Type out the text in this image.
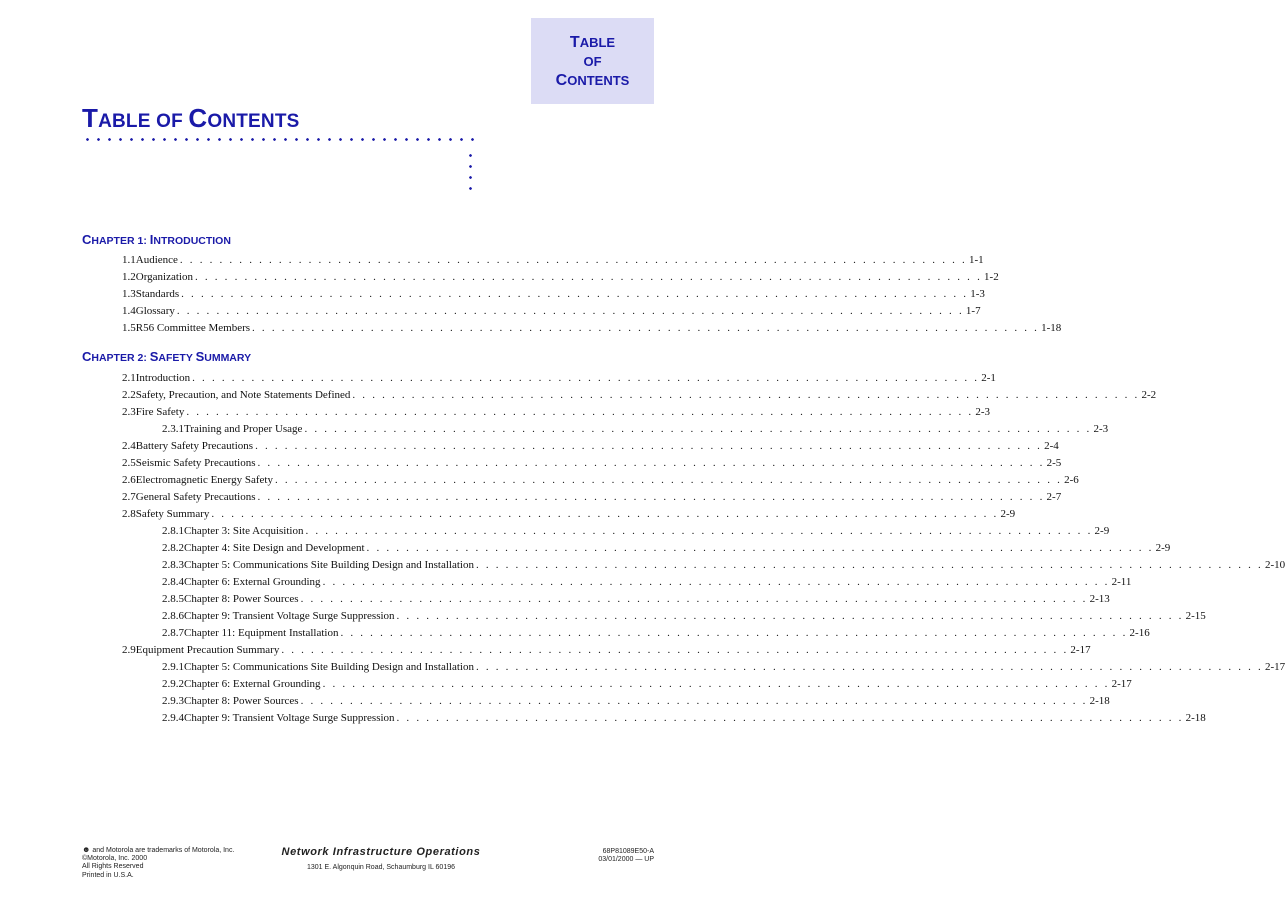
TABLE
OF
CONTENTS
TABLE OF CONTENTS
CHAPTER 1: INTRODUCTION
CHAPTER 2: SAFETY SUMMARY
1.1 Audience . . . . . . . . . . . . . . . . . . . . . . . . . . . . . . . . . . . . . . . . . . . . . . . . . . . . . . . . . . . . . . . . . . . . . . . . . . . . . . . . 1-1
1.2 Organization . . . . . . . . . . . . . . . . . . . . . . . . . . . . . . . . . . . . . . . . . . . . . . . . . . . . . . . . . . . . . . . . . . . . . . . . . . . . . . . . 1-2
1.3 Standards . . . . . . . . . . . . . . . . . . . . . . . . . . . . . . . . . . . . . . . . . . . . . . . . . . . . . . . . . . . . . . . . . . . . . . . . . . . . . . . . 1-3
1.4 Glossary . . . . . . . . . . . . . . . . . . . . . . . . . . . . . . . . . . . . . . . . . . . . . . . . . . . . . . . . . . . . . . . . . . . . . . . . . . . . . . . . 1-7
1.5 R56 Committee Members . . . . . . . . . . . . . . . . . . . . . . . . . . . . . . . . . . . . . . . . . . . . . . . . . . . . . . . . . . . . . . . . . . . . . . . . . . . . . . . . 1-18
2.1 Introduction . . . . . . . . . . . . . . . . . . . . . . . . . . . . . . . . . . . . . . . . . . . . . . . . . . . . . . . . . . . . . . . . . . . . . . . . . . . . . . . . 2-1
2.2 Safety, Precaution, and Note Statements Defined . . . . . . . . . . . . . . . . . . . . . . . . . . . . . . . . . . . . . . . . . . . . . . . . . . . . . . . . . . . . . . . . . . . . . . . . . . . . . . . . 2-2
2.3 Fire Safety . . . . . . . . . . . . . . . . . . . . . . . . . . . . . . . . . . . . . . . . . . . . . . . . . . . . . . . . . . . . . . . . . . . . . . . . . . . . . . . . 2-3
2.3.1 Training and Proper Usage . . . . . . . . . . . . . . . . . . . . . . . . . . . . . . . . . . . . . . . . . . . . . . . . . . . . . . . . . . . . . . . . . . . . . . . . . . . . . . . . 2-3
2.4 Battery Safety Precautions . . . . . . . . . . . . . . . . . . . . . . . . . . . . . . . . . . . . . . . . . . . . . . . . . . . . . . . . . . . . . . . . . . . . . . . . . . . . . . . . 2-4
2.5 Seismic Safety Precautions . . . . . . . . . . . . . . . . . . . . . . . . . . . . . . . . . . . . . . . . . . . . . . . . . . . . . . . . . . . . . . . . . . . . . . . . . . . . . . . . 2-5
2.6 Electromagnetic Energy Safety . . . . . . . . . . . . . . . . . . . . . . . . . . . . . . . . . . . . . . . . . . . . . . . . . . . . . . . . . . . . . . . . . . . . . . . . . . . . . . . . 2-6
2.7 General Safety Precautions . . . . . . . . . . . . . . . . . . . . . . . . . . . . . . . . . . . . . . . . . . . . . . . . . . . . . . . . . . . . . . . . . . . . . . . . . . . . . . . . 2-7
2.8 Safety Summary . . . . . . . . . . . . . . . . . . . . . . . . . . . . . . . . . . . . . . . . . . . . . . . . . . . . . . . . . . . . . . . . . . . . . . . . . . . . . . . . 2-9
2.8.1 Chapter 3: Site Acquisition . . . . . . . . . . . . . . . . . . . . . . . . . . . . . . . . . . . . . . . . . . . . . . . . . . . . . . . . . . . . . . . . . . . . . . . . . . . . . . . . 2-9
2.8.2 Chapter 4: Site Design and Development . . . . . . . . . . . . . . . . . . . . . . . . . . . . . . . . . . . . . . . . . . . . . . . . . . . . . . . . . . . . . . . . . . . . . . . . . . . . . . . . 2-9
2.8.3 Chapter 5: Communications Site Building Design and Installation . . . . . . . . . . . . . . . . . . . . . . . . . . . . . . . . . . . . . . . . . . . . . . . . . . . . . . . . . . . . . . . . . . . . . . . . . . . . . . . . 2-10
2.8.4 Chapter 6: External Grounding . . . . . . . . . . . . . . . . . . . . . . . . . . . . . . . . . . . . . . . . . . . . . . . . . . . . . . . . . . . . . . . . . . . . . . . . . . . . . . . . 2-11
2.8.5 Chapter 8: Power Sources . . . . . . . . . . . . . . . . . . . . . . . . . . . . . . . . . . . . . . . . . . . . . . . . . . . . . . . . . . . . . . . . . . . . . . . . . . . . . . . . 2-13
2.8.6 Chapter 9: Transient Voltage Surge Suppression . . . . . . . . . . . . . . . . . . . . . . . . . . . . . . . . . . . . . . . . . . . . . . . . . . . . . . . . . . . . . . . . . . . . . . . . . . . . . . . . 2-15
2.8.7 Chapter 11: Equipment Installation . . . . . . . . . . . . . . . . . . . . . . . . . . . . . . . . . . . . . . . . . . . . . . . . . . . . . . . . . . . . . . . . . . . . . . . . . . . . . . . . 2-16
2.9 Equipment Precaution Summary . . . . . . . . . . . . . . . . . . . . . . . . . . . . . . . . . . . . . . . . . . . . . . . . . . . . . . . . . . . . . . . . . . . . . . . . . . . . . . . . 2-17
2.9.1 Chapter 5: Communications Site Building Design and Installation . . . . . . . . . . . . . . . . . . . . . . . . . . . . . . . . . . . . . . . . . . . . . . . . . . . . . . . . . . . . . . . . . . . . . . . . . . . . . . . . 2-17
2.9.2 Chapter 6: External Grounding . . . . . . . . . . . . . . . . . . . . . . . . . . . . . . . . . . . . . . . . . . . . . . . . . . . . . . . . . . . . . . . . . . . . . . . . . . . . . . . . 2-17
2.9.3 Chapter 8: Power Sources . . . . . . . . . . . . . . . . . . . . . . . . . . . . . . . . . . . . . . . . . . . . . . . . . . . . . . . . . . . . . . . . . . . . . . . . . . . . . . . . 2-18
2.9.4 Chapter 9: Transient Voltage Surge Suppression . . . . . . . . . . . . . . . . . . . . . . . . . . . . . . . . . . . . . . . . . . . . . . . . . . . . . . . . . . . . . . . . . . . . . . . . . . . . . . . . 2-18
☻ and Motorola are trademarks of Motorola, Inc.
©Motorola, Inc. 2000
All Rights Reserved
Printed in U.S.A.
Network Infrastructure Operations
1301 E. Algonquin Road, Schaumburg IL 60196
68P81089E50-A
03/01/2000 — UP
